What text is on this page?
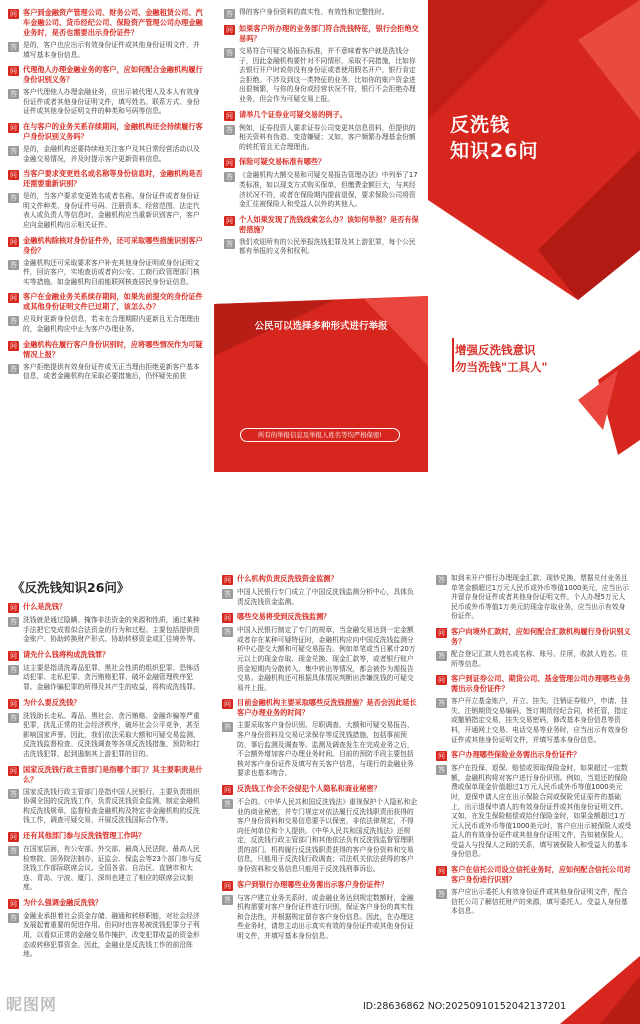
问 客户到金融资产管理公司、财务公司、金融租赁公司、汽车金融公司、货币经纪公司、保险资产管理公司办理金融业务时，是否也需要出示身份证件？
答 是的，客户也应出示有效身份证件或其他身份证明文件，并填写基本身份信息。
问 代理他人办理金融业务的客户，应如何配合金融机构履行身份识别义务？
答 客户代理他人办理金融业务，应出示被代理人及本人有效身份证件或者其他身份证明文件，填写姓名、联系方式、身份证件或其他身份证明文件的种类和号码等信息。
问 在与客户的业务关系存续期间，金融机构还会持续履行客户身份识别义务吗？
答 是的，金融机构还要持续地关注客户及其日常经营活动以及金融交易情况，并及时提示客户更新资料信息。
问 当客户要求变更姓名或名称等身份信息时，金融机构是否还需要重新识别？
答 是的，当客户要求变更姓名或者名称、身份证件或者身份证明文件种类、身份证件号码、注册资本、经营范围、法定代表人或负责人等信息时，金融机构应当重新识别客户，客户应向金融机构出示相关证件。
问 金融机构除核对身份证件外，还可采取哪些措施识别客户身份？
答 金融机构还可采取要求客户补充其他身份证明或身份证明文件，回访客户，实地查访或者向公安、工商行政管理部门核实等措施。如金融机构目前能联网核查居民身份证信息。
问 客户在金融业务关系续存期间，如果先前提交的身份证件或其他身份证明文件已过期了，该怎么办？
答 应及时更新身份信息，若未在合理期限内更新且无合理理由的，金融机构应中止为客户办理业务。
问 金融机构在履行客户身份识别时，应将哪些情况作为可疑情况上报？
答 客户拒绝提供有效身份证件或无正当理由拒绝更新客户基本信息，或者金融机构在采取必要措施后，仍怀疑先前获
答 得的客户身份资料的真实性、有效性和完整性时。
问 如果客户所办理的业务部门符合洗钱特征，银行会拒绝交易吗？
答 交易符合可疑交易报告标准，并不意味着客户就是洗钱分子，因此金融机构要针对不同情形，采取不同措施，比如你去银行开户时说你没有身份证或者使用假名开户，银行肯定会拒绝。不涉及到这一类特征的业务，比如你的账户资金进出很频繁，与你的身份或经营状况不符，银行不会拒绝办理业务，但会作为可疑交易上报。
问 请举几个证券业可疑交易的例子。
答 例如，证券投资人要求证券公司变更其信息资料，但提供的相关资料有伪造、变造嫌疑；又如，客户频繁办理基金份额的转托管且无合理理由。
问 保险可疑交易标准有哪些？
答 《金融机构大额交易和可疑交易报告管理办法》中列举了17类标准，如以现支方式购买保单，但缴费金额巨大，与其经济状况不符，或者在保险期内提前退保，要求保险公司将资金汇往被保险人和受益人以外的其他人。
问 个人如果发现了洗钱线索怎么办？该如何举报？是否有保密措施？
答 我们欢迎所有的公民举报洗钱犯罪及其上游犯罪，每个公民都有举报的义务和权利。
公民可以选择多种形式进行举报
所有的举报信息及举报人姓名等均严格保密!
反洗钱
知识26问
增强反洗钱意识
勿当洗钱"工具人"
《反洗钱知识26问》
问 什么是洗钱？
答 洗钱就是通过隐瞒、掩饰非法资金的来源和性质，通过某种手法把它变成看似合法资金的行为和过程。主要包括提供资金账户、协助转换财产形式、协助转移资金或汇往境外等。
问 请先什么钱将构成洗钱罪？
答 这主要是指清洗毒品犯罪、黑社会性质的组织犯罪、恐怖活动犯罪、走私犯罪、贪污贿赂犯罪、破坏金融管理秩序犯罪、金融诈骗犯罪的所得及其产生的收益，将构成洗钱罪。
问 为什么要反洗钱？
答 洗钱助长走私、毒品、黑社会、贪污贿赂、金融诈骗等严重犯罪，扰乱正常的社会经济秩序，破坏社会公平竞争，甚至影响国家声誉。因此，我们依法采取大额和可疑交易监测、反洗钱监督检查、反洗钱调查等各项反洗钱措施，预防和打击洗钱犯罪，起到遏制其上游犯罪的目的。
问 国家反洗钱行政主管部门是指哪个部门？其主要职责是什么？
答 国家反洗钱行政主管部门是指中国人民银行，主要负责组织协调全国的反洗钱工作，负责反洗钱资金监测，制定金融机构反洗钱规章，监督检查金融机构及特定非金融机构的反洗钱工作，调查可疑交易，开展反洗钱国际合作等。
问 还有其他部门参与反洗钱管理工作吗？
答 在国家层面，有公安部、外交部、最高人民法院、最高人民检察院、国务院法制办、证监会、保监会等23个部门参与反洗钱工作部际联席会议。全国各省、自治区、直辖市和大连、青岛、宁波、厦门、深圳也建立了相应的联席会议制度。
问 为什么强调金融反洗钱？
答 金融业承担着社会资金存储、融通和转移职能，对社会经济发展起着重要的促进作用。但同时也容易被洗钱犯罪分子利用，以看似正常的金融交易作掩护，改变犯罪收益的资金形态或转移犯罪资金。因此，金融业是反洗钱工作的前沿阵地。
问 什么机构负责反洗钱资金监测？
答 中国人民银行专门成立了中国反洗钱监测分析中心，具体负责反洗钱资金监测。
问 哪些交易将受到反洗钱监测？
答 中国人民银行制定了专门的规章，当金融交易达到一定金额或者存在某种可疑特征时，金融机构应向中国反洗钱监测分析中心提交大额和可疑交易报告。例如单笔或当日累计20万元以上的现金存取、现金兑换、现金汇款等，或者银行账户资金短期内分散转入、集中转出等情况，都会被作为需报告交易。金融机构还可根据具体情况判断出涉嫌洗钱的可疑交易并上报。
问 目前金融机构主要采取哪些反洗钱措施？是否会因此延长客户办理业务的时间？
答 主要采取客户身份识别、尽职调查、大额和可疑交易报告、客户身份资料及交易记录保存等反洗钱措施，包括事前预防、事后监测及调查等。监测及调查发生在完成业务之后，不会额外增加客户办理业务时间。目前的预防手段主要包括核对客户身份证件及填写有关客户信息，与现行的金融业务要求也基本吻合。
问 反洗钱工作会不会侵犯个人隐私和商业秘密？
答 不会的。《中华人民共和国反洗钱法》重视保护个人隐私和企业的商业秘密，并专门规定对依法履行反洗钱职责而获得的客户身份资料和交易信息要予以保密，非依法律规定，不得向任何单位和个人提供。《中华人民共和国反洗钱法》还规定，反洗钱行政主管部门和其他依法负有反洗钱监督管理职责的部门、机构履行反洗钱职责获得的客户身份资料和交易信息，只能用于反洗钱行政调查；司法机关依法获得的客户身份资料和交易信息只能用于反洗钱刑事诉讼。
问 客户到银行办理哪些业务需出示客户身份证件？
答 与客户建立业务关系时，或金融业务达到规定数额时，金融机构需要对客户身份证件进行识别，保证客户身份的真实性和合法性，并根据规定留存客户身份信息。因此，在办理这些业务时，请您主动出示真实有效的身份证件或其他身份证明文件，并填写基本身份信息。
答 如到未开户银行办理现金汇款、现钞兑换、票据兑付业务且单笔金额超过1万元人民币或外币等值1000美元，应当出示并留存身份证件或者其他身份证明文件。个人办理5万元人民币或外币等值1万美元的现金存取业务，应当出示有效身份证件。
问 客户向境外汇款时，应如何配合汇款机构履行身份识别义务？
答 配合登记汇款人姓名或名称、账号、住所，收款人姓名、住所等信息。
问 客户到证券公司、期货公司、基金管理公司办理哪些业务需出示身份证件？
答 客户开立基金账户，开立、挂失、注销证券账户，申请、挂失、注销期货交易编码，签订期货经纪合同，转托管，指定或撤销指定交易，挂失交易密码，修改基本身份信息等资料，开通网上交易、电话交易等业务时，应当出示有效身份证件或其他身份证明文件，并填写基本身份信息。
问 客户办理哪些保险业务需出示身份证件？
答 客户在投保、退保、赔偿或领取保险金时，如果超过一定数额，金融机构将对客户进行身份识别。例如，当退还的保险费或保单现金价值超过1万元人民币或外币等值1000美元时，退保申请人应在出示保险合同或保险凭证原件的基础上，出示退保申请人的有效身份证件或其他身份证明文件。又如，在发生保险赔偿或给付保险金时，如果金额超过1万元人民币或外币等值1000美元时，客户应出示被保险人或受益人的有效身份证件或其他身份证明文件，告知被保险人、受益人与投保人之间的关系，填写被保险人和受益人的基本身份信息。
问 客户在信托公司设立信托业务时，应如何配合信托公司对客户身份进行识别？
答 客户应出示委托人有效身份证件或其他身份证明文件，配合信托公司了解信托财产的来源，填写委托人、受益人身份基本信息。
昵图网	ID:28636862 NO:20250910152042137201
